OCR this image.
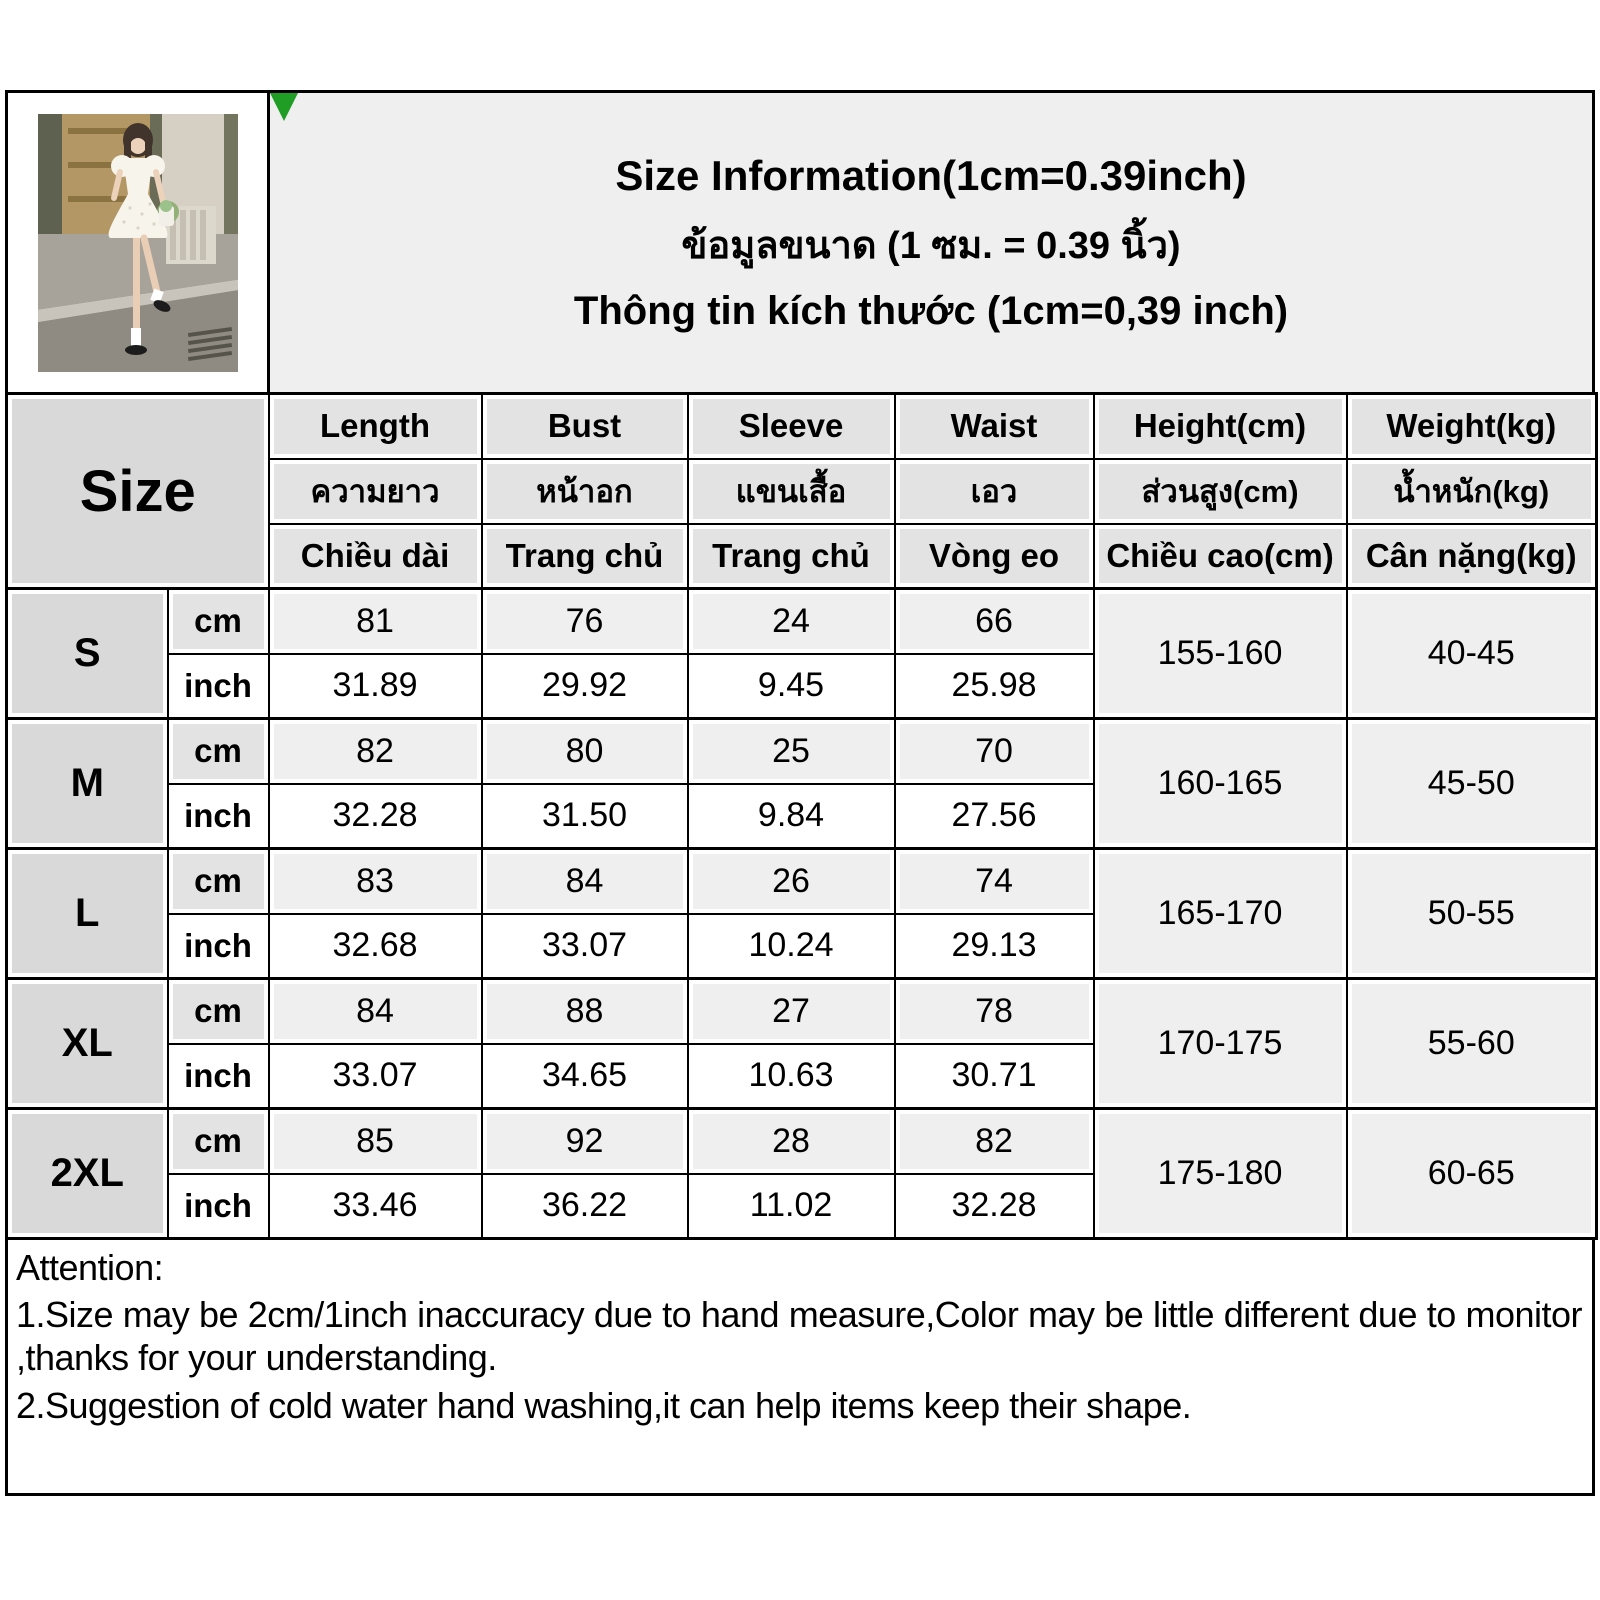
Size Information(1cm=0.39inch)
ข้อมูลขนาด (1 ซม. = 0.39 นิ้ว)
Thông tin kích thước (1cm=0,39 inch)
Size		Length	Bust	Sleeve	Waist	Height(cm)	Weight(kg)

		ความยาว	หน้าอก	แขนเสื้อ	เอว	ส่วนสูง(cm)	น้ำหนัก(kg)

		Chiều dài	Trang chủ	Trang chủ	Vòng eo	Chiều cao(cm)	Cân nặng(kg)

S	cm	81	76	24	66	155-160	40-45

	inch	31.89	29.92	9.45	25.98		

M	cm	82	80	25	70	160-165	45-50

	inch	32.28	31.50	9.84	27.56		

L	cm	83	84	26	74	165-170	50-55

	inch	32.68	33.07	10.24	29.13		

XL	cm	84	88	27	78	170-175	55-60

	inch	33.07	34.65	10.63	30.71		

2XL	cm	85	92	28	82	175-180	60-65

	inch	33.46	36.22	11.02	32.28		

Attention:

1.Size may be 2cm/1inch inaccuracy due to hand measure,Color may be little different due to monitor ,thanks for your understanding.

2.Suggestion of cold water hand washing,it can help items keep their shape.
